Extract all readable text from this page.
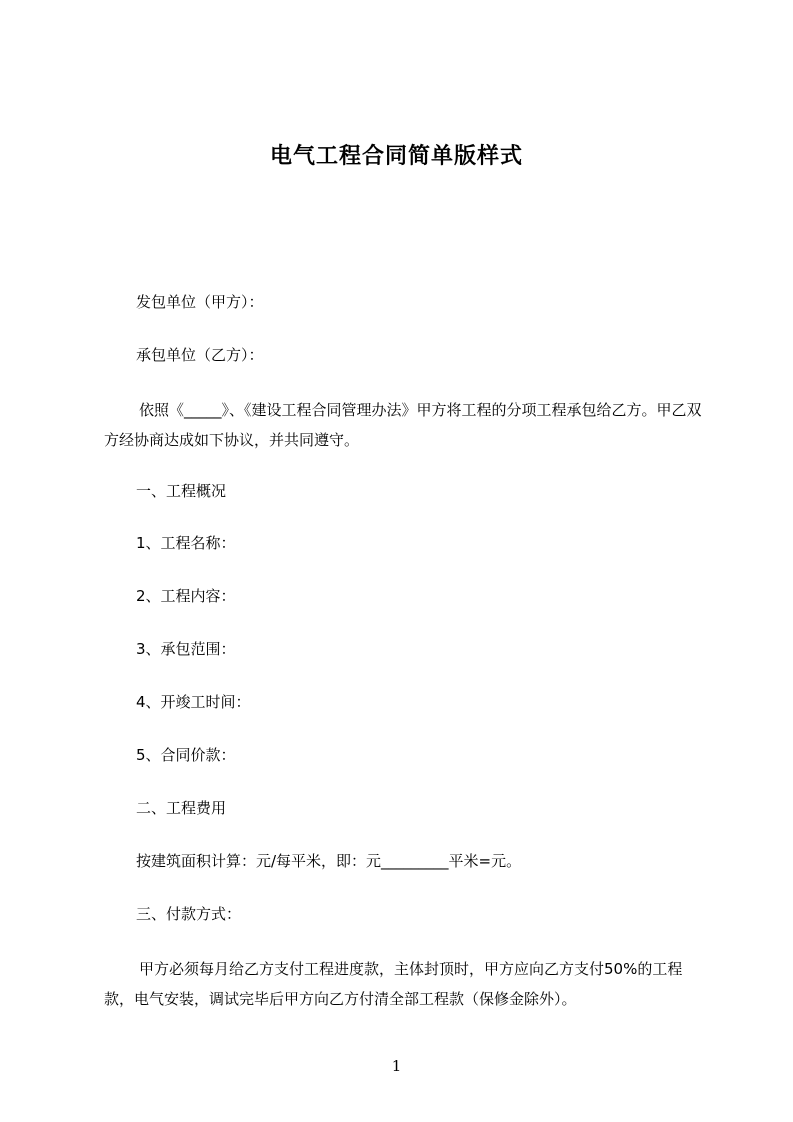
电气工程合同简单版样式
发包单位（甲方）：
承包单位（乙方）：
依照《_____》、《建设工程合同管理办法》甲方将工程的分项工程承包给乙方。甲乙双方经协商达成如下协议，并共同遵守。
一、工程概况
1、工程名称：
2、工程内容：
3、承包范围：
4、开竣工时间：
5、合同价款：
二、工程费用
按建筑面积计算：元/每平米，即：元_________平米=元。
三、付款方式：
甲方必须每月给乙方支付工程进度款，主体封顶时，甲方应向乙方支付50%的工程款，电气安装，调试完毕后甲方向乙方付清全部工程款（保修金除外）。
1
